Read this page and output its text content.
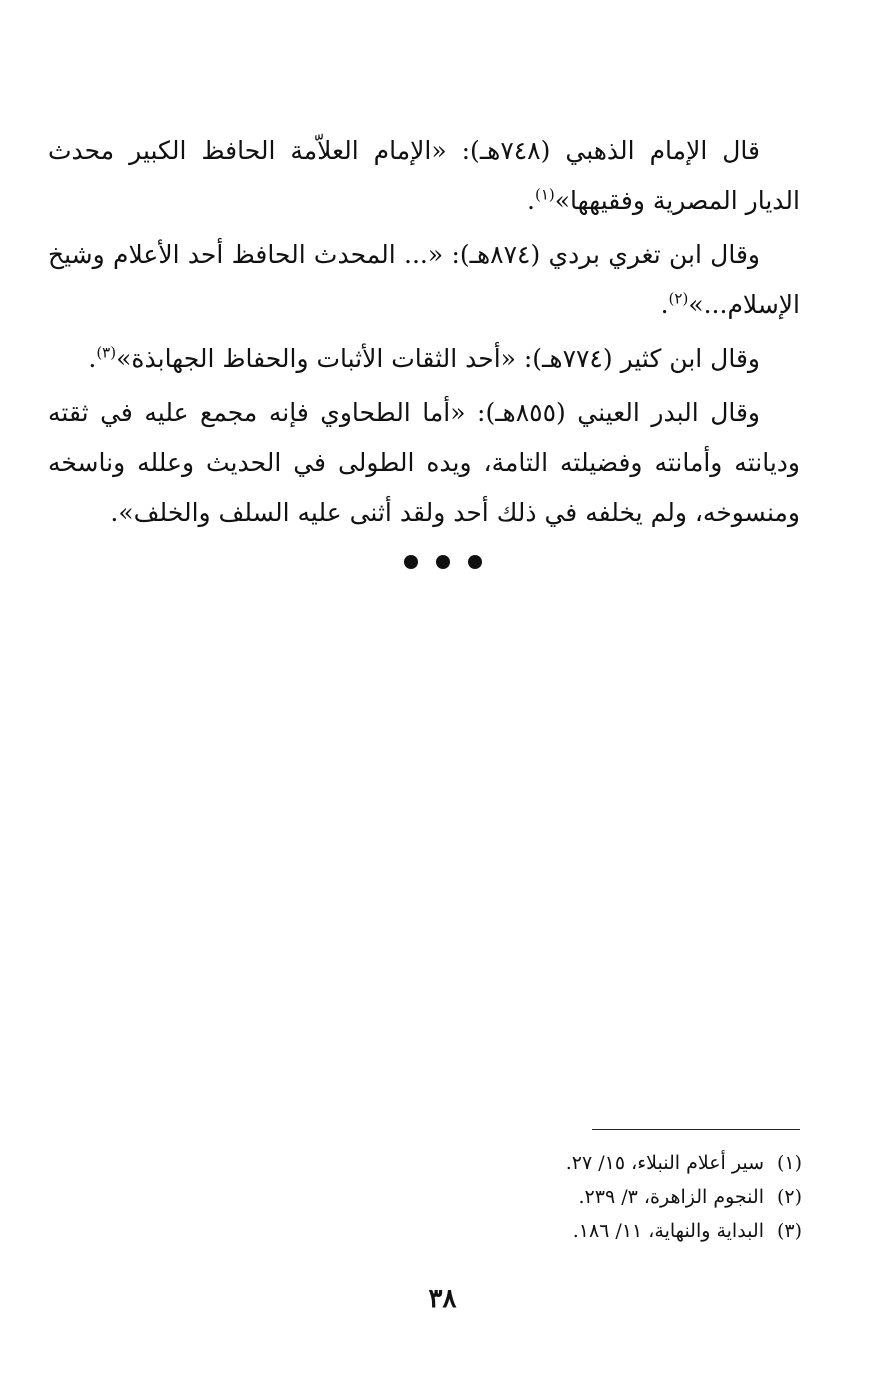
قال الإمام الذهبي (٧٤٨هـ): «الإمام العلاّمة الحافظ الكبير محدث الديار المصرية وفقيهها»$^{(١)}$.

وقال ابن تغري بردي (٨٧٤هـ): «... المحدث الحافظ أحد الأعلام وشيخ الإسلام...»$^{(٢)}$.

وقال ابن كثير (٧٧٤هـ): «أحد الثقات الأثبات والحفاظ الجهابذة»$^{(٣)}$.

وقال البدر العيني (٨٥٥هـ): «أما الطحاوي فإنه مجمع عليه في ثقته وديانته وأمانته وفضيلته التامة، ويده الطولى في الحديث وعلله وناسخه ومنسوخه، ولم يخلفه في ذلك أحد ولقد أثنى عليه السلف والخلف».

(١)سير أعلام النبلاء، ١٥/ ٢٧.
(٢)النجوم الزاهرة، ٣/ ٢٣٩.
(٣)البداية والنهاية، ١١/ ١٨٦.
٣٨
